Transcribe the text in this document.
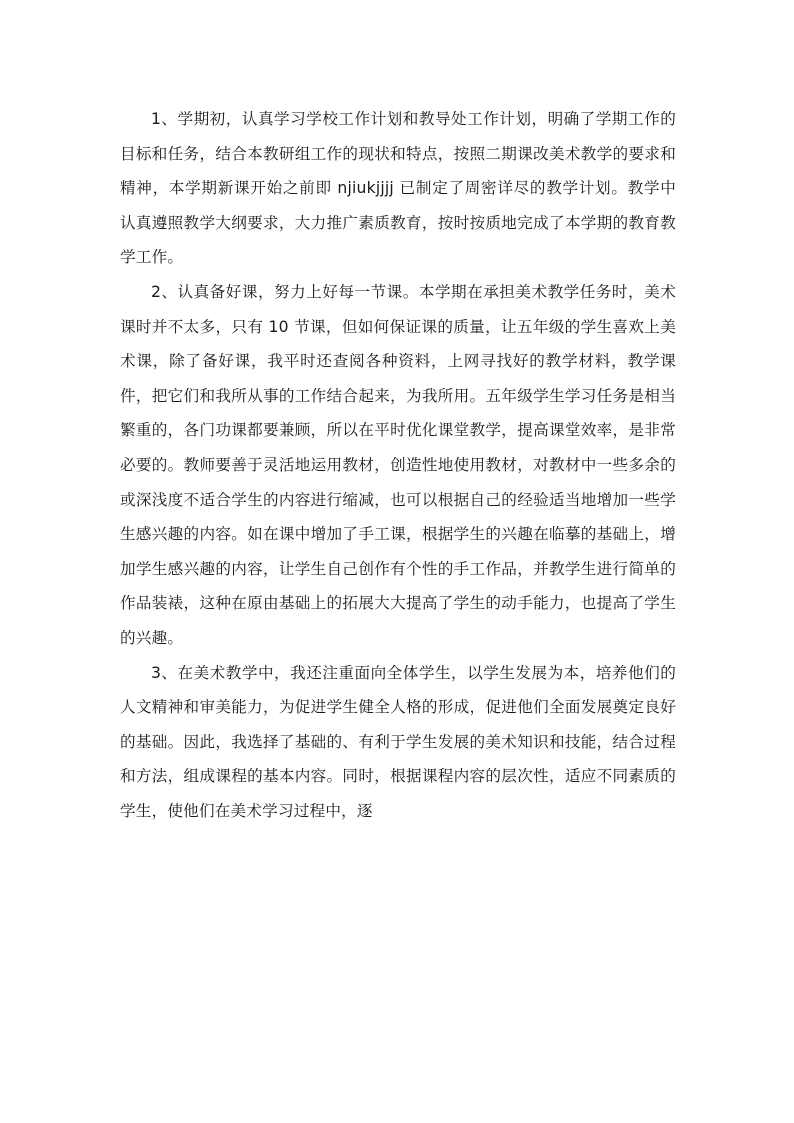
1、学期初，认真学习学校工作计划和教导处工作计划，明确了学期工作的目标和任务，结合本教研组工作的现状和特点，按照二期课改美术教学的要求和精神，本学期新课开始之前即 njiukjjjj 已制定了周密详尽的教学计划。教学中认真遵照教学大纲要求，大力推广素质教育，按时按质地完成了本学期的教育教学工作。

2、认真备好课，努力上好每一节课。本学期在承担美术教学任务时，美术课时并不太多，只有 10 节课，但如何保证课的质量，让五年级的学生喜欢上美术课，除了备好课，我平时还查阅各种资料，上网寻找好的教学材料，教学课件，把它们和我所从事的工作结合起来，为我所用。五年级学生学习任务是相当繁重的，各门功课都要兼顾，所以在平时优化课堂教学，提高课堂效率，是非常必要的。教师要善于灵活地运用教材，创造性地使用教材，对教材中一些多余的或深浅度不适合学生的内容进行缩减，也可以根据自己的经验适当地增加一些学生感兴趣的内容。如在课中增加了手工课，根据学生的兴趣在临摹的基础上，增加学生感兴趣的内容，让学生自己创作有个性的手工作品，并教学生进行简单的作品装裱，这种在原由基础上的拓展大大提高了学生的动手能力，也提高了学生的兴趣。

3、在美术教学中，我还注重面向全体学生，以学生发展为本，培养他们的人文精神和审美能力，为促进学生健全人格的形成，促进他们全面发展奠定良好的基础。因此，我选择了基础的、有利于学生发展的美术知识和技能，结合过程和方法，组成课程的基本内容。同时，根据课程内容的层次性，适应不同素质的学生，使他们在美术学习过程中，逐
